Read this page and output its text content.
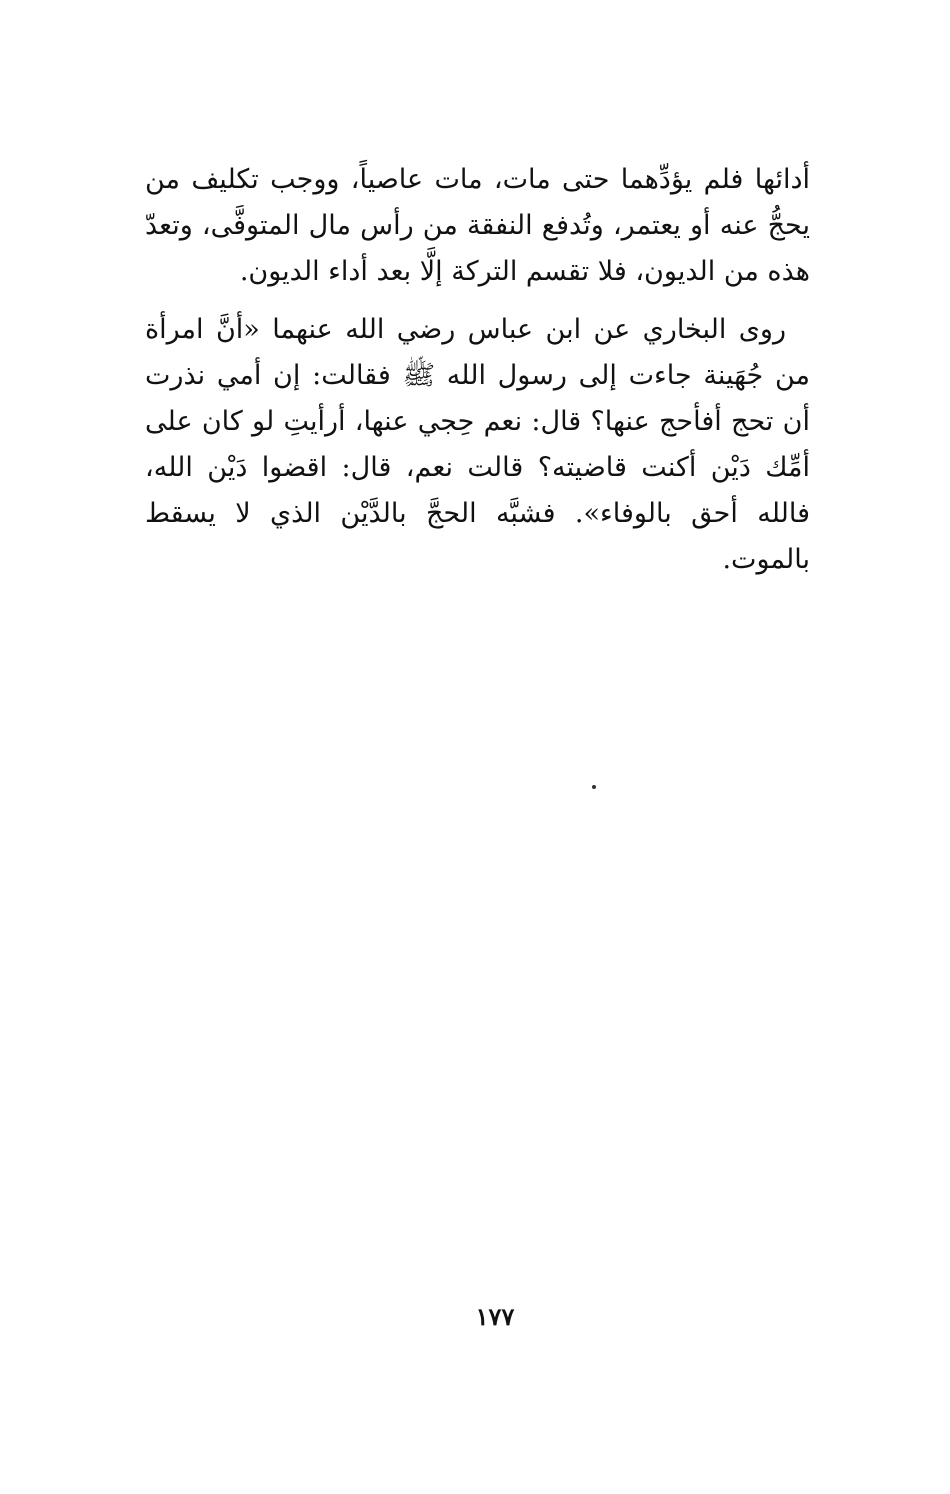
أدائها فلم يؤدِّهما حتى مات، مات عاصياً، ووجب تكليف من يحجُّ عنه أو يعتمر، وتُدفع النفقة من رأس مال المتوفَّى، وتعدّ هذه من الديون، فلا تقسم التركة إلَّا بعد أداء الديون.

روى البخاري عن ابن عباس رضي الله عنهما «أنَّ امرأة من جُهَينة جاءت إلى رسول الله ﷺ فقالت: إن أمي نذرت أن تحج أفأحج عنها؟ قال: نعم حِجي عنها، أرأيتِ لو كان على أمِّك دَيْن أكنت قاضيته؟ قالت نعم، قال: اقضوا دَيْن الله، فالله أحق بالوفاء». فشبَّه الحجَّ بالدَّيْن الذي لا يسقط بالموت.

١٧٧
